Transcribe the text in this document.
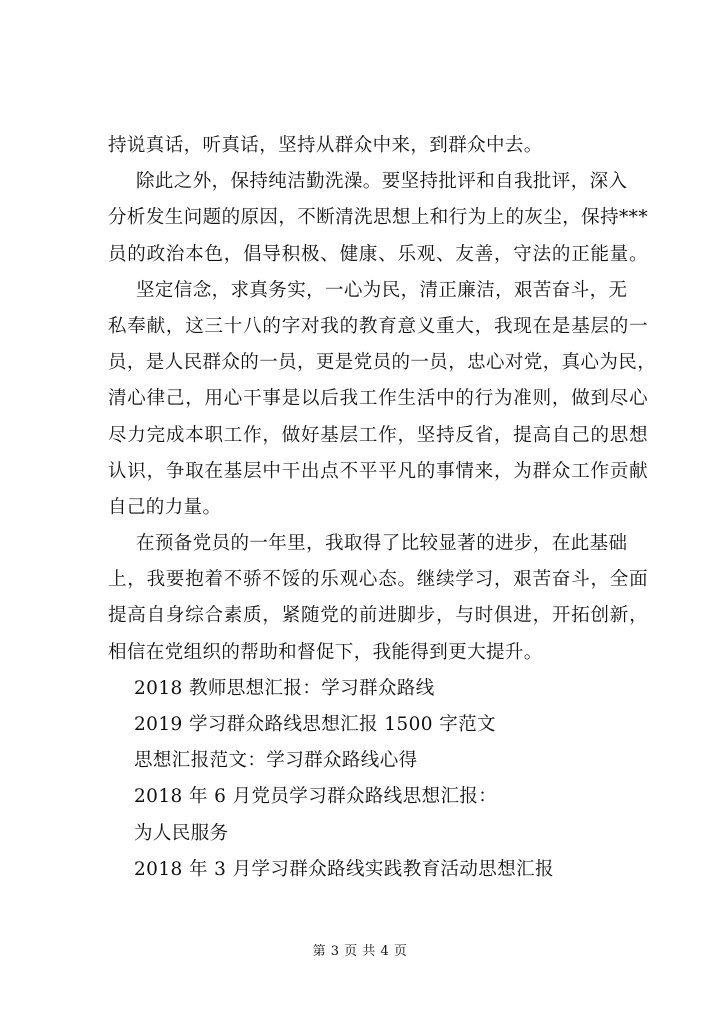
持说真话，听真话，坚持从群众中来，到群众中去。
除此之外，保持纯洁勤洗澡。要坚持批评和自我批评，深入
分析发生问题的原因，不断清洗思想上和行为上的灰尘，保持***
员的政治本色，倡导积极、健康、乐观、友善，守法的正能量。
坚定信念，求真务实，一心为民，清正廉洁，艰苦奋斗，无
私奉献，这三十八的字对我的教育意义重大，我现在是基层的一
员，是人民群众的一员，更是党员的一员，忠心对党，真心为民，
清心律己，用心干事是以后我工作生活中的行为准则，做到尽心
尽力完成本职工作，做好基层工作，坚持反省，提高自己的思想
认识，争取在基层中干出点不平平凡的事情来，为群众工作贡献
自己的力量。
在预备党员的一年里，我取得了比较显著的进步，在此基础
上，我要抱着不骄不馁的乐观心态。继续学习，艰苦奋斗，全面
提高自身综合素质，紧随党的前进脚步，与时俱进，开拓创新，
相信在党组织的帮助和督促下，我能得到更大提升。
2018 教师思想汇报：学习群众路线
2019 学习群众路线思想汇报 1500 字范文
思想汇报范文：学习群众路线心得
2018 年 6 月党员学习群众路线思想汇报：
为人民服务
2018 年 3 月学习群众路线实践教育活动思想汇报
第 3 页 共 4 页
